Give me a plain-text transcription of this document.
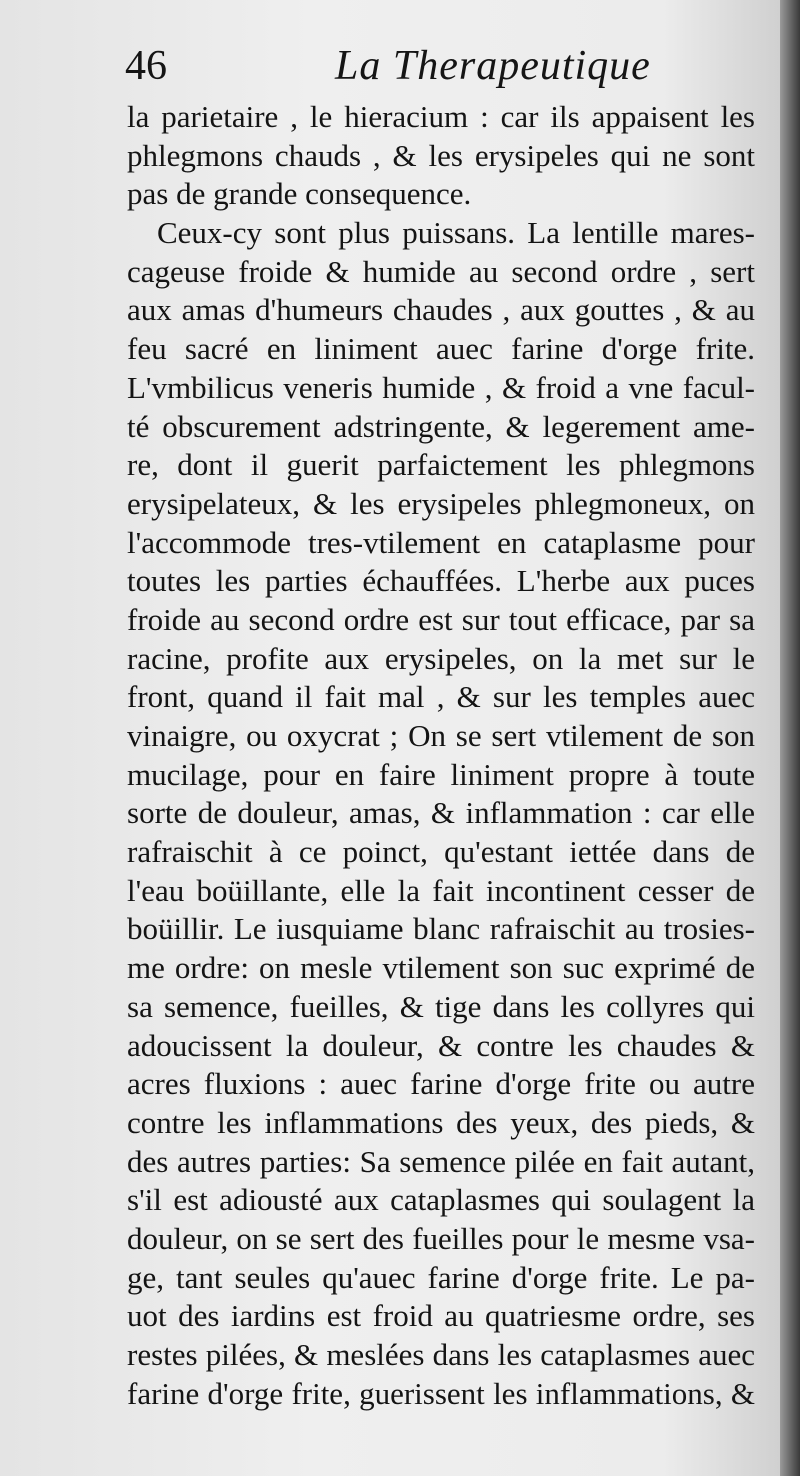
46	La Therapeutique
la parietaire , le hieracium : car ils appaisent les
phlegmons chauds , & les erysipeles qui ne sont
pas de grande consequence.
Ceux-cy sont plus puissans. La lentille mares-
cageuse froide & humide au second ordre , sert
aux amas d'humeurs chaudes , aux gouttes , & au
feu sacré en liniment auec farine d'orge frite.
L'vmbilicus veneris humide , & froid a vne facul-
té obscurement adstringente, & legerement ame-
re, dont il guerit parfaictement les phlegmons
erysipelateux, & les erysipeles phlegmoneux, on
l'accommode tres-vtilement en cataplasme pour
toutes les parties échauffées. L'herbe aux puces
froide au second ordre est sur tout efficace, par sa
racine, profite aux erysipeles, on la met sur le
front, quand il fait mal , & sur les temples auec
vinaigre, ou oxycrat ; On se sert vtilement de son
mucilage, pour en faire liniment propre à toute
sorte de douleur, amas, & inflammation : car elle
rafraischit à ce poinct, qu'estant iettée dans de
l'eau boüillante, elle la fait incontinent cesser de
boüillir. Le iusquiame blanc rafraischit au trosies-
me ordre: on mesle vtilement son suc exprimé de
sa semence, fueilles, & tige dans les collyres qui
adoucissent la douleur, & contre les chaudes &
acres fluxions : auec farine d'orge frite ou autre
contre les inflammations des yeux, des pieds, &
des autres parties: Sa semence pilée en fait autant,
s'il est adiousté aux cataplasmes qui soulagent la
douleur, on se sert des fueilles pour le mesme vsa-
ge, tant seules qu'auec farine d'orge frite. Le pa-
uot des iardins est froid au quatriesme ordre, ses
restes pilées, & meslées dans les cataplasmes auec
farine d'orge frite, guerissent les inflammations, &
